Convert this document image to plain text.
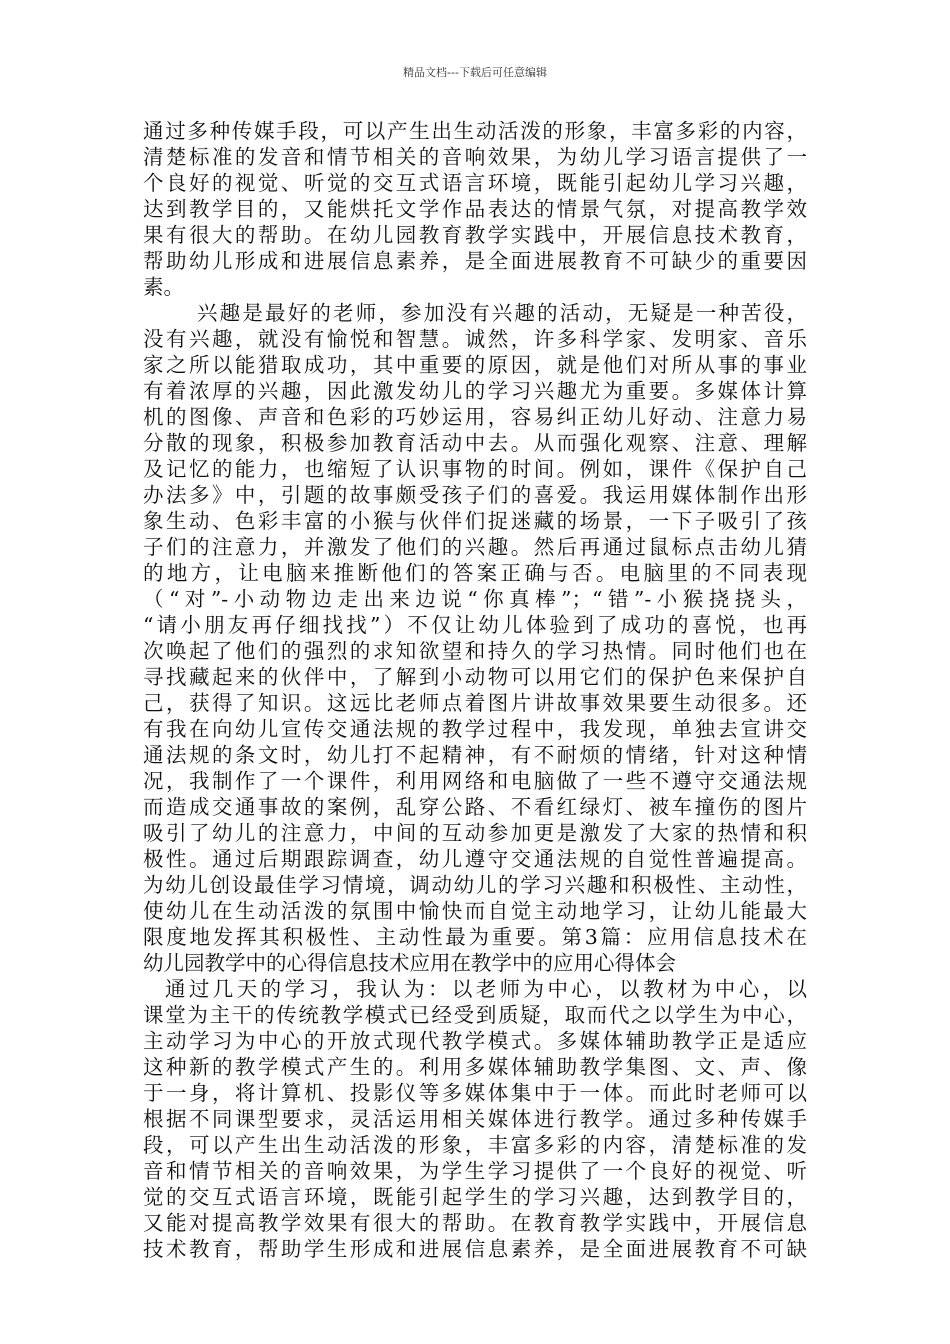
精品文档---下载后可任意编辑
通过多种传媒手段，可以产生出生动活泼的形象，丰富多彩的内容，
清楚标准的发音和情节相关的音响效果，为幼儿学习语言提供了一
个良好的视觉、听觉的交互式语言环境，既能引起幼儿学习兴趣，
达到教学目的，又能烘托文学作品表达的情景气氛，对提高教学效
果有很大的帮助。在幼儿园教育教学实践中，开展信息技术教育，
帮助幼儿形成和进展信息素养，是全面进展教育不可缺少的重要因
素。
兴趣是最好的老师，参加没有兴趣的活动，无疑是一种苦役，
没有兴趣，就没有愉悦和智慧。诚然，许多科学家、发明家、音乐
家之所以能猎取成功，其中重要的原因，就是他们对所从事的事业
有着浓厚的兴趣，因此激发幼儿的学习兴趣尤为重要。多媒体计算
机的图像、声音和色彩的巧妙运用，容易纠正幼儿好动、注意力易
分散的现象，积极参加教育活动中去。从而强化观察、注意、理解
及记忆的能力，也缩短了认识事物的时间。例如，课件《保护自己
办法多》中，引题的故事颇受孩子们的喜爱。我运用媒体制作出形
象生动、色彩丰富的小猴与伙伴们捉迷藏的场景，一下子吸引了孩
子们的注意力，并激发了他们的兴趣。然后再通过鼠标点击幼儿猜
的地方，让电脑来推断他们的答案正确与否。电脑里的不同表现
（“对”-小动物边走出来边说“你真棒”；“错”-小猴挠挠头，
“请小朋友再仔细找找”）不仅让幼儿体验到了成功的喜悦，也再
次唤起了他们的强烈的求知欲望和持久的学习热情。同时他们也在
寻找藏起来的伙伴中，了解到小动物可以用它们的保护色来保护自
己，获得了知识。这远比老师点着图片讲故事效果要生动很多。还
有我在向幼儿宣传交通法规的教学过程中，我发现，单独去宣讲交
通法规的条文时，幼儿打不起精神，有不耐烦的情绪，针对这种情
况，我制作了一个课件，利用网络和电脑做了一些不遵守交通法规
而造成交通事故的案例，乱穿公路、不看红绿灯、被车撞伤的图片
吸引了幼儿的注意力，中间的互动参加更是激发了大家的热情和积
极性。通过后期跟踪调查，幼儿遵守交通法规的自觉性普遍提高。
为幼儿创设最佳学习情境，调动幼儿的学习兴趣和积极性、主动性，
使幼儿在生动活泼的氛围中愉快而自觉主动地学习，让幼儿能最大
限度地发挥其积极性、主动性最为重要。第3篇：应用信息技术在
幼儿园教学中的心得信息技术应用在教学中的应用心得体会
通过几天的学习，我认为：以老师为中心，以教材为中心，以
课堂为主干的传统教学模式已经受到质疑，取而代之以学生为中心，
主动学习为中心的开放式现代教学模式。多媒体辅助教学正是适应
这种新的教学模式产生的。利用多媒体辅助教学集图、文、声、像
于一身，将计算机、投影仪等多媒体集中于一体。而此时老师可以
根据不同课型要求，灵活运用相关媒体进行教学。通过多种传媒手
段，可以产生出生动活泼的形象，丰富多彩的内容，清楚标准的发
音和情节相关的音响效果，为学生学习提供了一个良好的视觉、听
觉的交互式语言环境，既能引起学生的学习兴趣，达到教学目的，
又能对提高教学效果有很大的帮助。在教育教学实践中，开展信息
技术教育，帮助学生形成和进展信息素养，是全面进展教育不可缺
